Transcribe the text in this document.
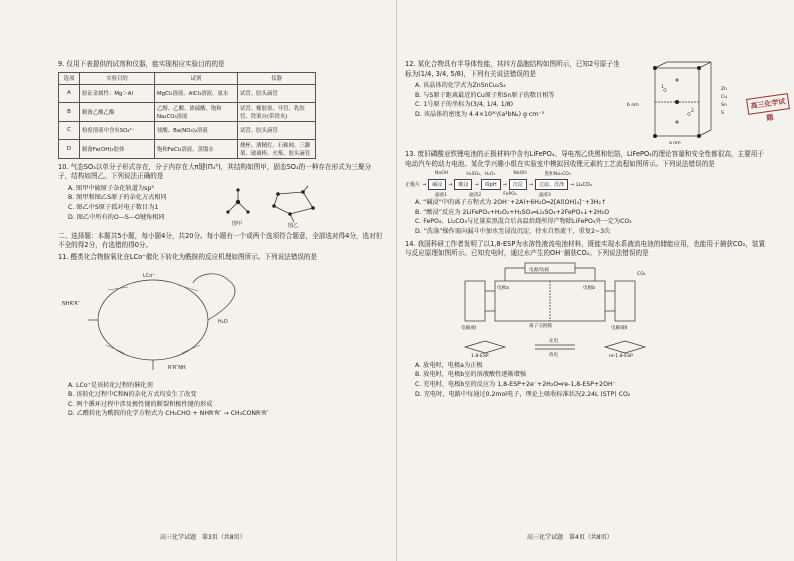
9. 仅用下表提供的试剂和仪器，能实现相应实验目的的是
选项	实验目的	试剂	仪器
A	验证金属性：Mg＞Al	MgCl₂溶液、AlCl₃溶液、氨水	试管、胶头滴管
B	制备乙酸乙酯	乙醇、乙酸、浓硫酸、饱和Na₂CO₃溶液	试管、橡胶塞、导管、乳胶管、铁架台(带铁夹)
C	检验溶液中含有SO₄²⁻	盐酸、Ba(NO₃)₂溶液	试管、胶头滴管
D	制备Fe(OH)₃胶体	饱和FeCl₃溶液、蒸馏水	烧杯、酒精灯、石棉网、三脚架、玻璃棒、火柴、胶头滴管
10. 气态SO₃以单分子形式存在，分子内存在大π键(Π₄⁶)，其结构如图甲，固态SO₃的一种存在形式为三聚分子，结构如图乙。下列说法正确的是
A. 图甲中硫原子杂化轨道为sp³
B. 图甲和图乙S原子的杂化方式相同
C. 图乙中S原子孤对电子数目为1
D. 图乙中所有的O—S—O键角相同
图甲	图乙
二、选择题：本题共5小题，每小题4分，共20分。每小题有一个或两个选项符合题意，全部选对得4分，选对但不全的得2分，有选错的得0分。
11. 醛类化合物胺氧化在LCo⁺催化下转化为酰胺的反应机理如图所示。下列说法错误的是
LCo⁺
NHR'R″
H₂O
R'R″NH
A. LCo⁺是该转化过程的催化剂
B. 该转化过程中C和N的杂化方式均发生了改变
C. 两个循环过程中涉及极性键的断裂和极性键的形成
D. 乙醛转化为酰胺的化学方程式为 CH₃CHO + NHR'R″ → CH₃CONR'R″
高三化学试题　第3页（共8页）
高三化学试题
12. 某化合物具有半导体性能，其四方晶胞结构如图所示，已知2号原子坐标为(1/4, 3/4, 5/8)，下列有关说法错误的是
A. 该晶体的化学式为ZnSnCu₂S₄
B. 与S原子距离最近的Cu原子和Sn原子的数目相等
C. 1号原子的坐标为(3/4, 1/4, 1/8)
D. 该晶体的密度为 4.4×10³⁰/(a²bNₐ) g·cm⁻³
b nm
a nm
Zn
Cu
Sn
S
1
2
13. 废旧磷酸亚铁锂电池的正极材料中含有LiFePO₄、导电剂乙炔黑和铝箔，LiFePO₄的理论容量和安全性都很高，主要用于电动汽车的动力电池。某化学兴趣小组在实验室中模拟回收锂元素的工艺流程如图所示。下列说法错误的是
NaOH	H₂SO₄、H₂O₂	NaOH	饱和Na₂CO₃
正极片 →	碱浸	→	酸浸	→	调pH	→	沉淀	→	过滤、洗涤	→ Li₂CO₃
滤液1	滤渣2	FePO₄	滤液3
A. “碱浸”中的离子方程式为 2OH⁻+2Al+6H₂O═2[Al(OH)₄]⁻+3H₂↑
B. “酸浸”反应为 2LiFePO₄+H₂O₂+H₂SO₄═Li₂SO₄+2FePO₄↓+2H₂O
C. FePO₄、Li₂CO₃与足量炭黑混合后高温焙烧所得产物除LiFePO₄外一定为CO₂
D. “洗涤”操作需向漏斗中加水至浸没沉淀，待水自然流干，重复2~3次
14. 我国科研工作者发明了以1,8-ESP为水溶性液流电池材料，既能实现水系液流电池的储能应用，也能用于捕获CO₂，装置与反应原理如图所示。已知充电时，通过水产生的OH⁻捕获CO₂。下列说法错误的是
电源/负载
电极a	电极b
电解液I	电解液II
离子交换膜
1,8-ESP	re-1,8-ESP
充电
放电
CO₂
A. 放电时，电极a为正极
B. 放电时，电极b室的溶液酸性逐渐增强
C. 充电时，电极b室的反应为 1,8-ESP+2e⁻+2H₂O═re-1,8-ESP+2OH⁻
D. 充电时，电路中每通过0.2mol电子，理论上吸收标准状况2.24L (STP) CO₂
高三化学试题　第4页（共8页）
